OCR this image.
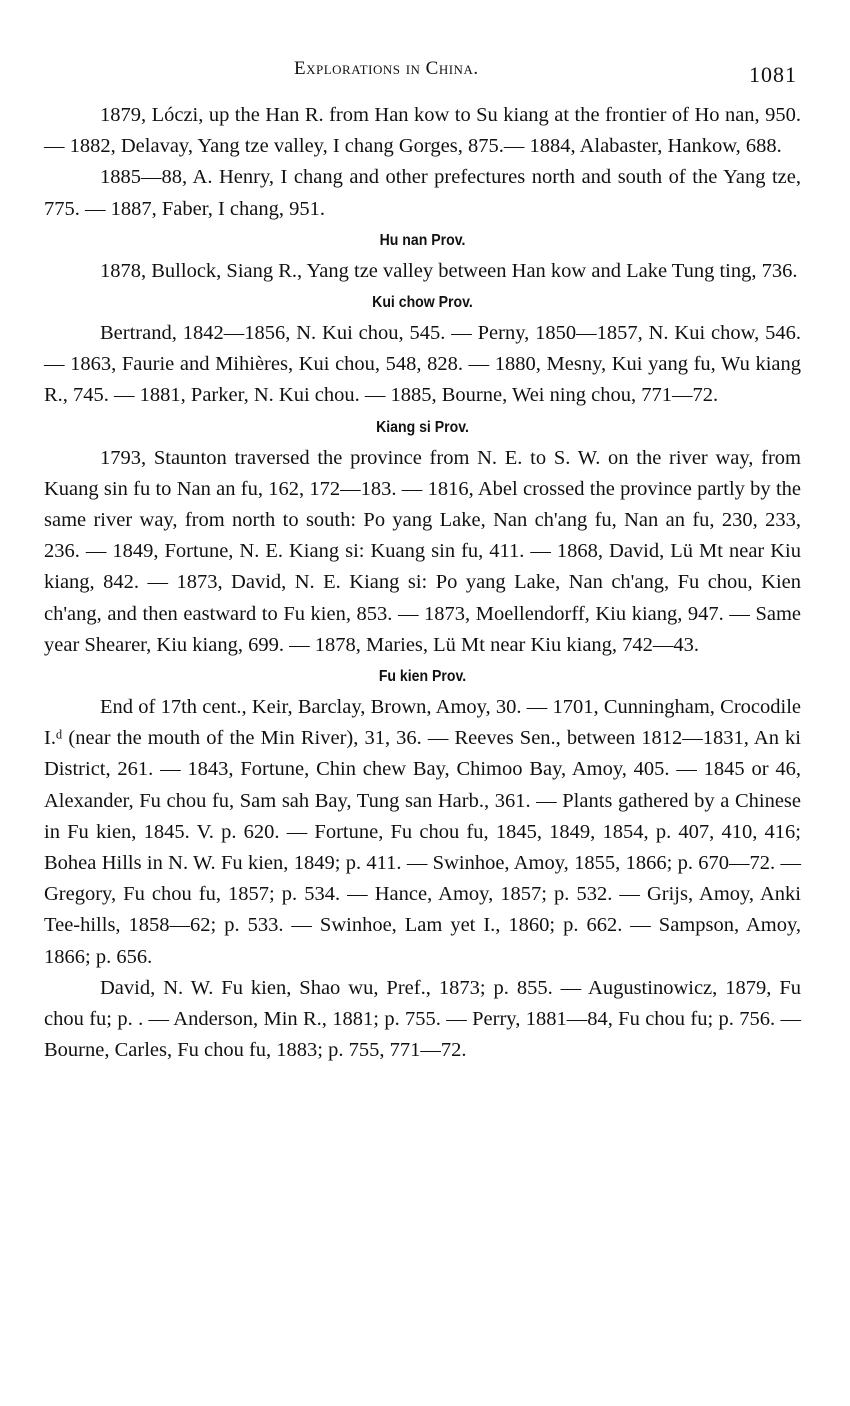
Explorations in China.	1081

1879, Lóczi, up the Han R. from Han kow to Su kiang at the frontier of Ho nan, 950. — 1882, Delavay, Yang tze valley, I chang Gorges, 875.— 1884, Alabaster, Hankow, 688.

1885—88, A. Henry, I chang and other prefectures north and south of the Yang tze, 775. — 1887, Faber, I chang, 951.

Hu nan Prov.

1878, Bullock, Siang R., Yang tze valley between Han kow and Lake Tung ting, 736.

Kui chow Prov.

Bertrand, 1842—1856, N. Kui chou, 545. — Perny, 1850—1857, N. Kui chow, 546. — 1863, Faurie and Mihières, Kui chou, 548, 828. — 1880, Mesny, Kui yang fu, Wu kiang R., 745. — 1881, Parker, N. Kui chou. — 1885, Bourne, Wei ning chou, 771—72.

Kiang si Prov.

1793, Staunton traversed the province from N. E. to S. W. on the river way, from Kuang sin fu to Nan an fu, 162, 172—183. — 1816, Abel crossed the province partly by the same river way, from north to south: Po yang Lake, Nan ch'ang fu, Nan an fu, 230, 233, 236. — 1849, Fortune, N. E. Kiang si: Kuang sin fu, 411. — 1868, David, Lü Mt near Kiu kiang, 842. — 1873, David, N. E. Kiang si: Po yang Lake, Nan ch'ang, Fu chou, Kien ch'ang, and then eastward to Fu kien, 853. — 1873, Moellendorff, Kiu kiang, 947. — Same year Shearer, Kiu kiang, 699. — 1878, Maries, Lü Mt near Kiu kiang, 742—43.

Fu kien Prov.

End of 17th cent., Keir, Barclay, Brown, Amoy, 30. — 1701, Cunningham, Crocodile I.ᵈ (near the mouth of the Min River), 31, 36. — Reeves Sen., between 1812—1831, An ki District, 261. — 1843, Fortune, Chin chew Bay, Chimoo Bay, Amoy, 405. — 1845 or 46, Alexander, Fu chou fu, Sam sah Bay, Tung san Harb., 361. — Plants gathered by a Chinese in Fu kien, 1845. V. p. 620. — Fortune, Fu chou fu, 1845, 1849, 1854, p. 407, 410, 416; Bohea Hills in N. W. Fu kien, 1849; p. 411. — Swinhoe, Amoy, 1855, 1866; p. 670—72. — Gregory, Fu chou fu, 1857; p. 534. — Hance, Amoy, 1857; p. 532. — Grijs, Amoy, Anki Tee-hills, 1858—62; p. 533. — Swinhoe, Lam yet I., 1860; p. 662. — Sampson, Amoy, 1866; p. 656.

David, N. W. Fu kien, Shao wu, Pref., 1873; p. 855. — Augustinowicz, 1879, Fu chou fu; p. . — Anderson, Min R., 1881; p. 755. — Perry, 1881—84, Fu chou fu; p. 756. — Bourne, Carles, Fu chou fu, 1883; p. 755, 771—72.
